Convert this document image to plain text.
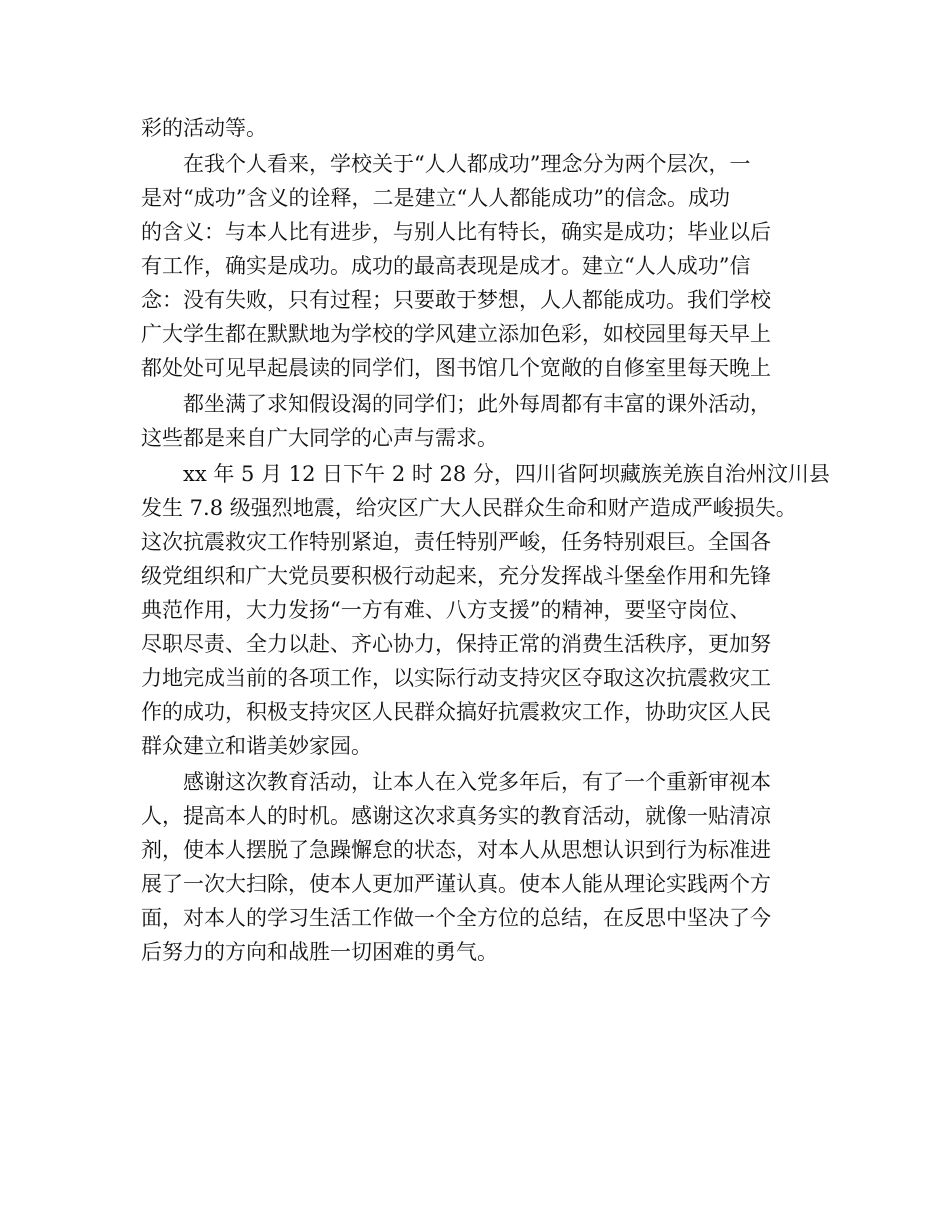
彩的活动等。
在我个人看来，学校关于“人人都成功”理念分为两个层次，一
是对“成功”含义的诠释，二是建立“人人都能成功”的信念。成功
的含义：与本人比有进步，与别人比有特长，确实是成功；毕业以后
有工作，确实是成功。成功的最高表现是成才。建立“人人成功”信
念：没有失败，只有过程；只要敢于梦想，人人都能成功。我们学校
广大学生都在默默地为学校的学风建立添加色彩，如校园里每天早上
都处处可见早起晨读的同学们，图书馆几个宽敞的自修室里每天晚上
都坐满了求知假设渴的同学们；此外每周都有丰富的课外活动，
这些都是来自广大同学的心声与需求。
xx 年 5 月 12 日下午 2 时 28 分，四川省阿坝藏族羌族自治州汶川县
发生 7.8 级强烈地震，给灾区广大人民群众生命和财产造成严峻损失。
这次抗震救灾工作特别紧迫，责任特别严峻，任务特别艰巨。全国各
级党组织和广大党员要积极行动起来，充分发挥战斗堡垒作用和先锋
典范作用，大力发扬“一方有难、八方支援”的精神，要坚守岗位、
尽职尽责、全力以赴、齐心协力，保持正常的消费生活秩序，更加努
力地完成当前的各项工作，以实际行动支持灾区夺取这次抗震救灾工
作的成功，积极支持灾区人民群众搞好抗震救灾工作，协助灾区人民
群众建立和谐美妙家园。
感谢这次教育活动，让本人在入党多年后，有了一个重新审视本
人，提高本人的时机。感谢这次求真务实的教育活动，就像一贴清凉
剂，使本人摆脱了急躁懈怠的状态，对本人从思想认识到行为标准进
展了一次大扫除，使本人更加严谨认真。使本人能从理论实践两个方
面，对本人的学习生活工作做一个全方位的总结，在反思中坚决了今
后努力的方向和战胜一切困难的勇气。
